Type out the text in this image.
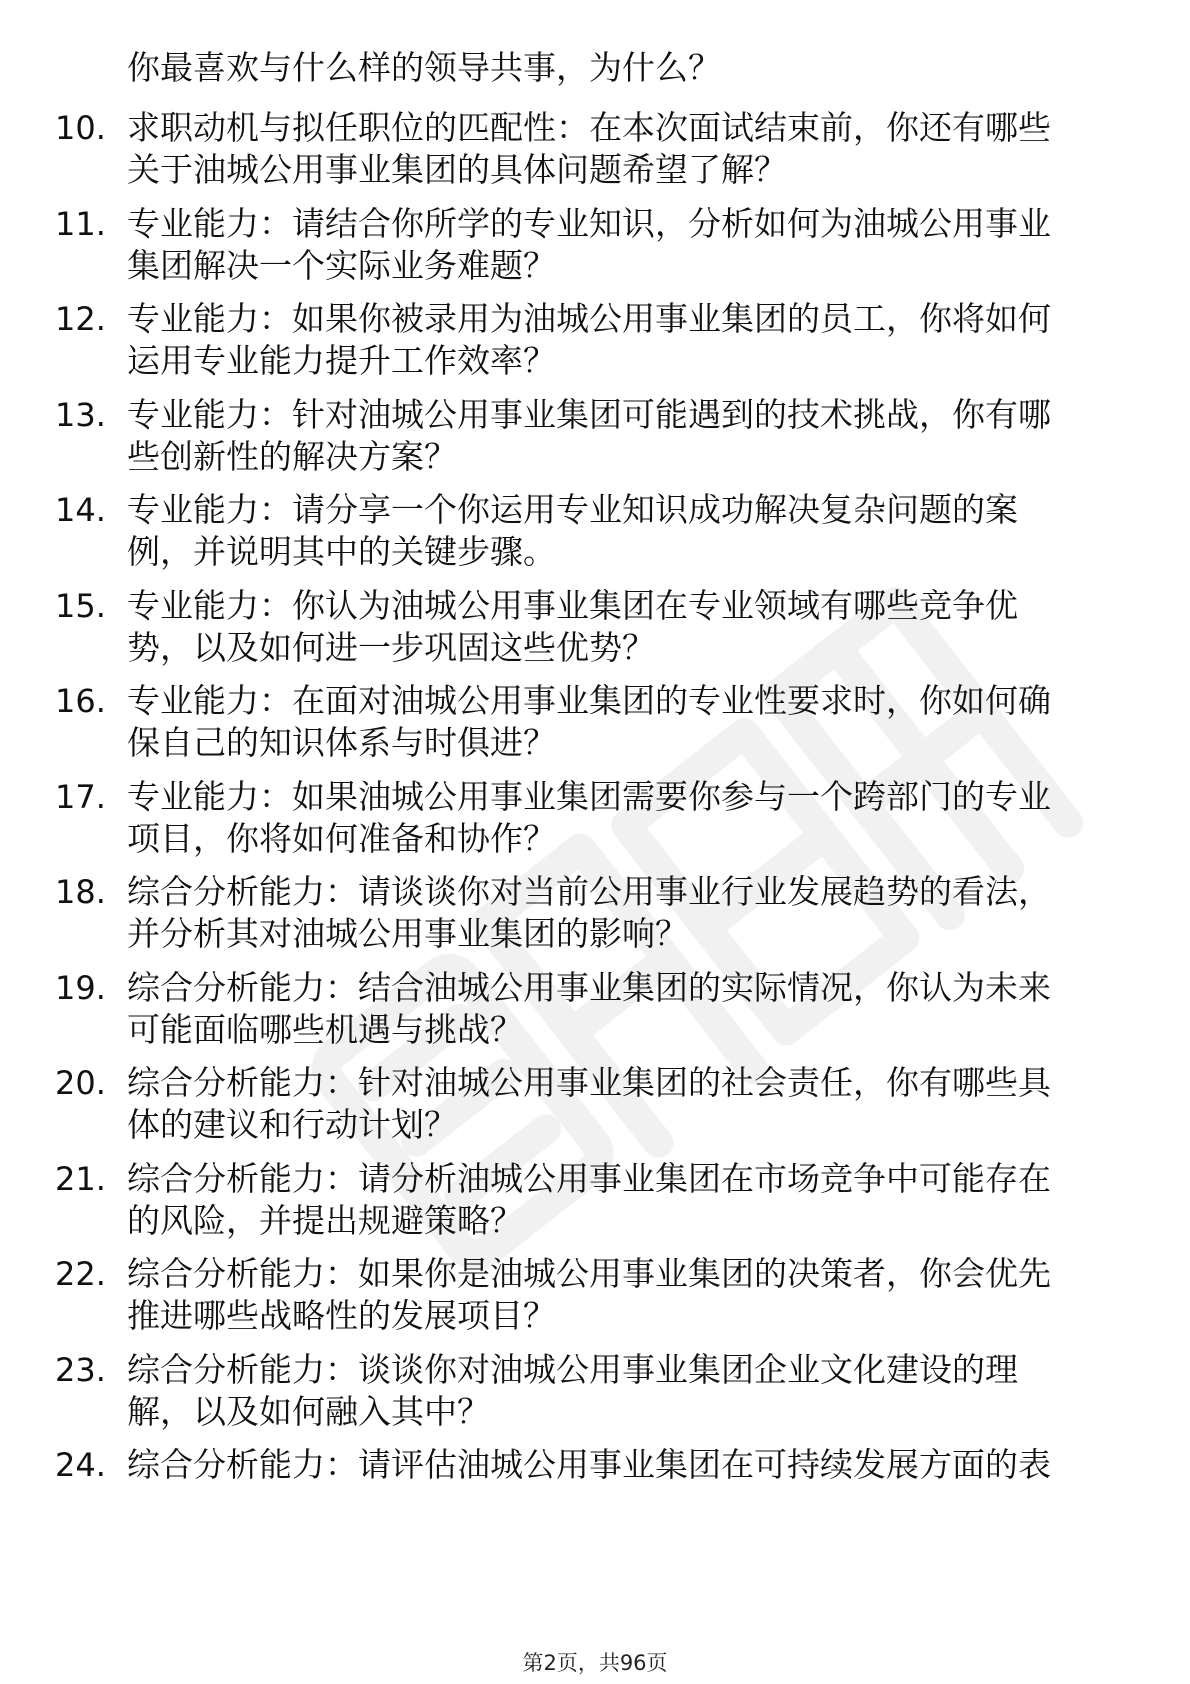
你最喜欢与什么样的领导共事，为什么？
10. 求职动机与拟任职位的匹配性：在本次面试结束前，你还有哪些
关于油城公用事业集团的具体问题希望了解？
11. 专业能力：请结合你所学的专业知识，分析如何为油城公用事业
集团解决一个实际业务难题？
12. 专业能力：如果你被录用为油城公用事业集团的员工，你将如何
运用专业能力提升工作效率？
13. 专业能力：针对油城公用事业集团可能遇到的技术挑战，你有哪
些创新性的解决方案？
14. 专业能力：请分享一个你运用专业知识成功解决复杂问题的案
例，并说明其中的关键步骤。
15. 专业能力：你认为油城公用事业集团在专业领域有哪些竞争优
势，以及如何进一步巩固这些优势？
16. 专业能力：在面对油城公用事业集团的专业性要求时，你如何确
保自己的知识体系与时俱进？
17. 专业能力：如果油城公用事业集团需要你参与一个跨部门的专业
项目，你将如何准备和协作？
18. 综合分析能力：请谈谈你对当前公用事业行业发展趋势的看法，
并分析其对油城公用事业集团的影响？
19. 综合分析能力：结合油城公用事业集团的实际情况，你认为未来
可能面临哪些机遇与挑战？
20. 综合分析能力：针对油城公用事业集团的社会责任，你有哪些具
体的建议和行动计划？
21. 综合分析能力：请分析油城公用事业集团在市场竞争中可能存在
的风险，并提出规避策略？
22. 综合分析能力：如果你是油城公用事业集团的决策者，你会优先
推进哪些战略性的发展项目？
23. 综合分析能力：谈谈你对油城公用事业集团企业文化建设的理
解，以及如何融入其中？
24. 综合分析能力：请评估油城公用事业集团在可持续发展方面的表
第2页，共96页
